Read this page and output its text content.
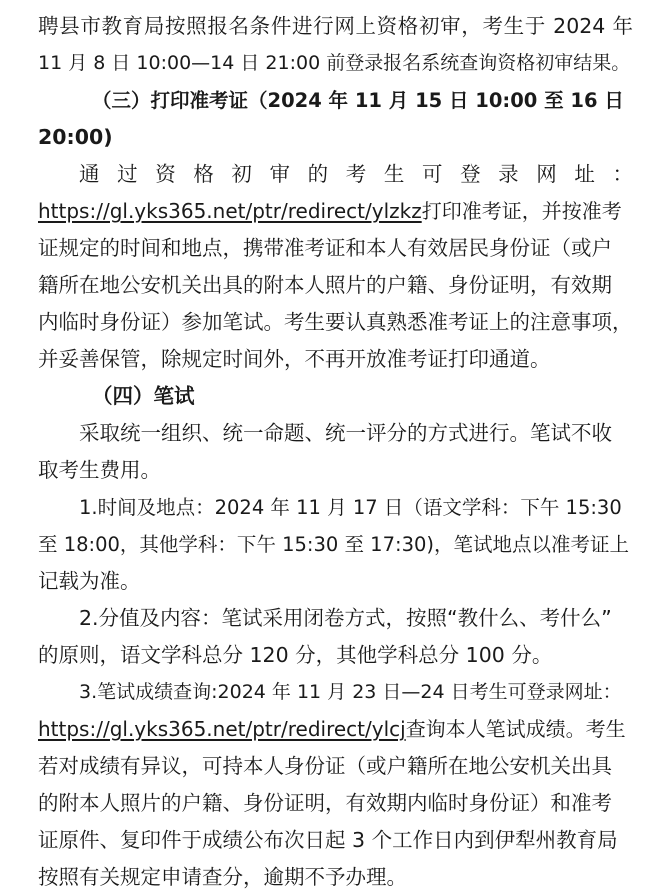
聘县市教育局按照报名条件进行网上资格初审，考生于 2024 年
11 月 8 日 10:00—14 日 21:00 前登录报名系统查询资格初审结果。
（三）打印准考证（2024 年 11 月 15 日 10:00 至 16 日
20:00)
通 过 资 格 初 审 的 考 生 可 登 录 网 址 ：
https://gl.yks365.net/ptr/redirect/ylzkz打印准考证，并按准考
证规定的时间和地点，携带准考证和本人有效居民身份证（或户
籍所在地公安机关出具的附本人照片的户籍、身份证明，有效期
内临时身份证）参加笔试。考生要认真熟悉准考证上的注意事项，
并妥善保管，除规定时间外，不再开放准考证打印通道。
（四）笔试
采取统一组织、统一命题、统一评分的方式进行。笔试不收
取考生费用。
1.时间及地点：2024 年 11 月 17 日（语文学科：下午 15:30
至 18:00，其他学科：下午 15:30 至 17:30)，笔试地点以准考证上
记载为准。
2.分值及内容：笔试采用闭卷方式，按照“教什么、考什么”
的原则，语文学科总分 120 分，其他学科总分 100 分。
3.笔试成绩查询:2024 年 11 月 23 日—24 日考生可登录网址：
https://gl.yks365.net/ptr/redirect/ylcj查询本人笔试成绩。考生
若对成绩有异议，可持本人身份证（或户籍所在地公安机关出具
的附本人照片的户籍、身份证明，有效期内临时身份证）和准考
证原件、复印件于成绩公布次日起 3 个工作日内到伊犁州教育局
按照有关规定申请查分，逾期不予办理。
